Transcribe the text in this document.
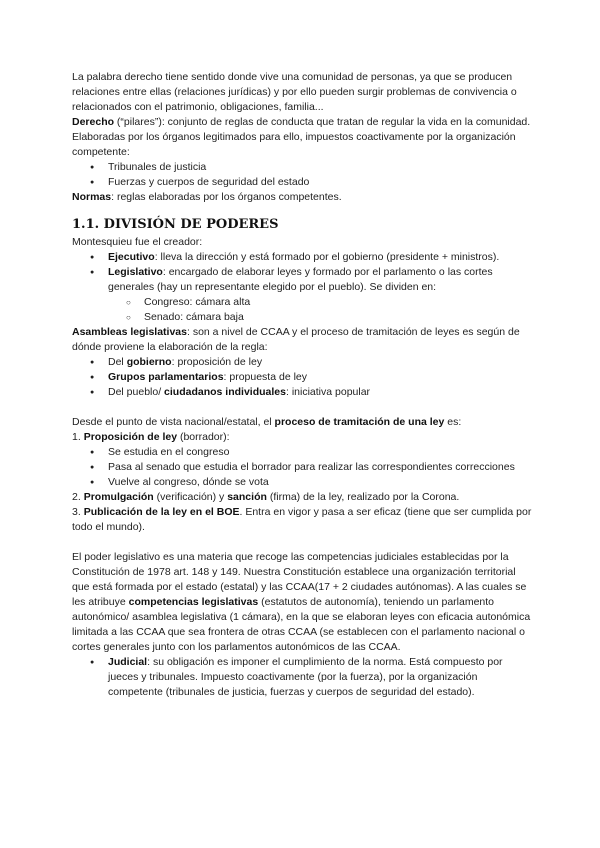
La palabra derecho tiene sentido donde vive una comunidad de personas, ya que se producen relaciones entre ellas (relaciones jurídicas) y por ello pueden surgir problemas de convivencia o relacionados con el patrimonio, obligaciones, familia...

Derecho (“pilares”): conjunto de reglas de conducta que tratan de regular la vida en la comunidad. Elaboradas por los órganos legitimados para ello, impuestos coactivamente por la organización competente:

● Tribunales de justicia
● Fuerzas y cuerpos de seguridad del estado

Normas: reglas elaboradas por los órganos competentes.

1.1. DIVISIÓN DE PODERES

Montesquieu fue el creador:

● Ejecutivo: lleva la dirección y está formado por el gobierno (presidente + ministros).
● Legislativo: encargado de elaborar leyes y formado por el parlamento o las cortes generales (hay un representante elegido por el pueblo). Se dividen en:
○ Congreso: cámara alta
○ Senado: cámara baja

Asambleas legislativas: son a nivel de CCAA y el proceso de tramitación de leyes es según de dónde proviene la elaboración de la regla:

● Del gobierno: proposición de ley
● Grupos parlamentarios: propuesta de ley
● Del pueblo/ ciudadanos individuales: iniciativa popular

Desde el punto de vista nacional/estatal, el proceso de tramitación de una ley es:

1. Proposición de ley (borrador):

● Se estudia en el congreso
● Pasa al senado que estudia el borrador para realizar las correspondientes correcciones
● Vuelve al congreso, dónde se vota

2. Promulgación (verificación) y sanción (firma) de la ley, realizado por la Corona.

3. Publicación de la ley en el BOE. Entra en vigor y pasa a ser eficaz (tiene que ser cumplida por todo el mundo).

El poder legislativo es una materia que recoge las competencias judiciales establecidas por la Constitución de 1978 art. 148 y 149. Nuestra Constitución establece una organización territorial que está formada por el estado (estatal) y las CCAA(17 + 2 ciudades autónomas). A las cuales se les atribuye competencias legislativas (estatutos de autonomía), teniendo un parlamento autonómico/ asamblea legislativa (1 cámara), en la que se elaboran leyes con eficacia autonómica limitada a las CCAA que sea frontera de otras CCAA (se establecen con el parlamento nacional o cortes generales junto con los parlamentos autonómicos de las CCAA.

● Judicial: su obligación es imponer el cumplimiento de la norma. Está compuesto por jueces y tribunales. Impuesto coactivamente (por la fuerza), por la organización competente (tribunales de justicia, fuerzas y cuerpos de seguridad del estado).
